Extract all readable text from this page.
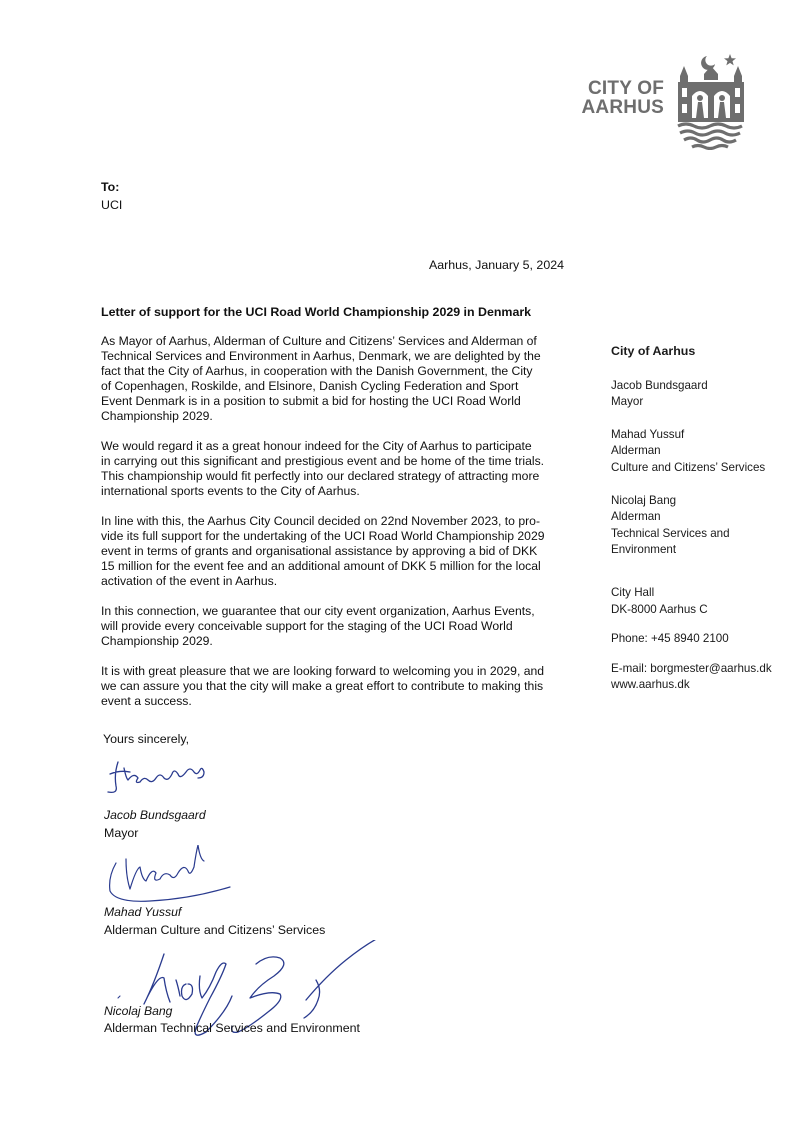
CITY OF
AARHUS
To:
UCI
Aarhus, January 5, 2024
Letter of support for the UCI Road World Championship 2029 in Denmark
As Mayor of Aarhus, Alderman of Culture and Citizens’ Services and Alderman of
Technical Services and Environment in Aarhus, Denmark, we are delighted by the
fact that the City of Aarhus, in cooperation with the Danish Government, the City
of Copenhagen, Roskilde, and Elsinore, Danish Cycling Federation and Sport
Event Denmark is in a position to submit a bid for hosting the UCI Road World
Championship 2029.
We would regard it as a great honour indeed for the City of Aarhus to participate
in carrying out this significant and prestigious event and be home of the time trials.
This championship would fit perfectly into our declared strategy of attracting more
international sports events to the City of Aarhus.
In line with this, the Aarhus City Council decided on 22nd November 2023, to pro-
vide its full support for the undertaking of the UCI Road World Championship 2029
event in terms of grants and organisational assistance by approving a bid of DKK
15 million for the event fee and an additional amount of DKK 5 million for the local
activation of the event in Aarhus.
In this connection, we guarantee that our city event organization, Aarhus Events,
will provide every conceivable support for the staging of the UCI Road World
Championship 2029.
It is with great pleasure that we are looking forward to welcoming you in 2029, and
we can assure you that the city will make a great effort to contribute to making this
event a success.
Yours sincerely,
Jacob Bundsgaard
Mayor
Mahad Yussuf
Alderman Culture and Citizens’ Services
Nicolaj Bang
Alderman Technical Services and Environment
City of Aarhus
Jacob Bundsgaard
Mayor
Mahad Yussuf
Alderman
Culture and Citizens’ Services
Nicolaj Bang
Alderman
Technical Services and
Environment
City Hall
DK-8000 Aarhus C
Phone: +45 8940 2100
E-mail: borgmester@aarhus.dk
www.aarhus.dk
